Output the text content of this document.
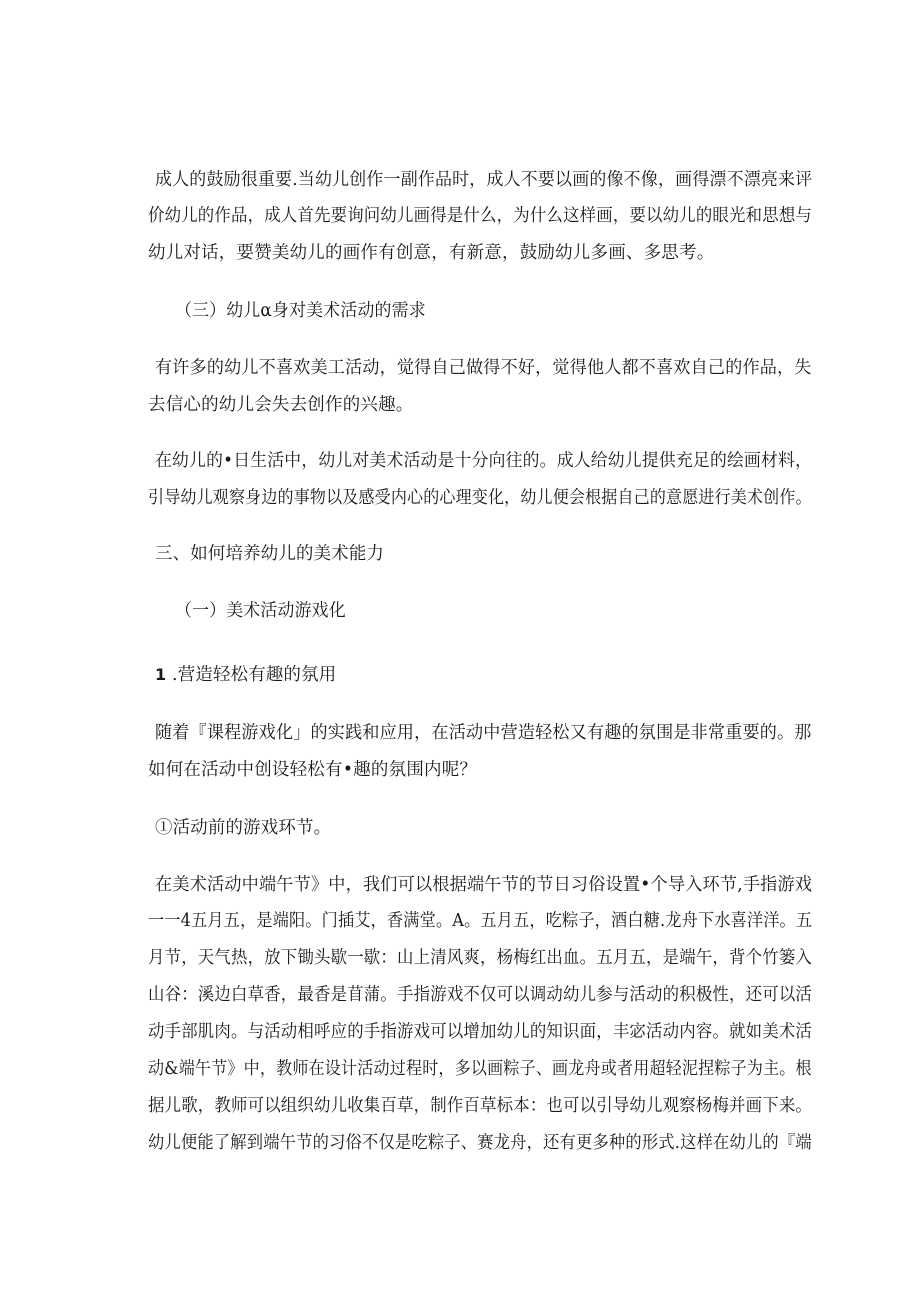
成人的鼓励很重要.当幼儿创作一副作品时，成人不要以画的像不像，画得漂不漂亮来评
价幼儿的作品，成人首先要询问幼儿画得是什么，为什么这样画，要以幼儿的眼光和思想与
幼儿对话，要赞美幼儿的画作有创意，有新意，鼓励幼儿多画、多思考。
（三）幼儿α身对美术活动的需求
有许多的幼儿不喜欢美工活动，觉得自己做得不好，觉得他人都不喜欢自己的作品，失
去信心的幼儿会失去创作的兴趣。
在幼儿的•日生活中，幼儿对美术活动是十分向往的。成人给幼儿提供充足的绘画材料，
引导幼儿观察身边的事物以及感受内心的心理变化，幼儿便会根据自己的意愿进行美术创作。
三、如何培养幼儿的美术能力
（一）美术活动游戏化
1 .营造轻松有趣的氛用
随着『课程游戏化」的实践和应用，在活动中营造轻松又有趣的氛围是非常重要的。那
如何在活动中创设轻松有•趣的氛围内呢？
①活动前的游戏环节。
在美术活动中端午节》中，我们可以根据端午节的节日习俗设置•个导入环节,手指游戏
一一4五月五，是端阳。门插艾，香满堂。A。五月五，吃粽子，酒白糖.龙舟下水喜洋洋。五
月节，天气热，放下锄头歇一歇：山上清风爽，杨梅红出血。五月五，是端午，背个竹篓入
山谷：溪边白草香，最香是苜蒲。手指游戏不仅可以调动幼儿参与活动的积极性，还可以活
动手部肌肉。与活动相呼应的手指游戏可以增加幼儿的知识面，丰宓活动内容。就如美术活
动&端午节》中，教师在设计活动过程时，多以画粽子、画龙舟或者用超轻泥捏粽子为主。根
据儿歌，教师可以组织幼儿收集百草，制作百草标本：也可以引导幼儿观察杨梅并画下来。
幼儿便能了解到端午节的习俗不仅是吃粽子、赛龙舟，还有更多种的形式.这样在幼儿的『端
